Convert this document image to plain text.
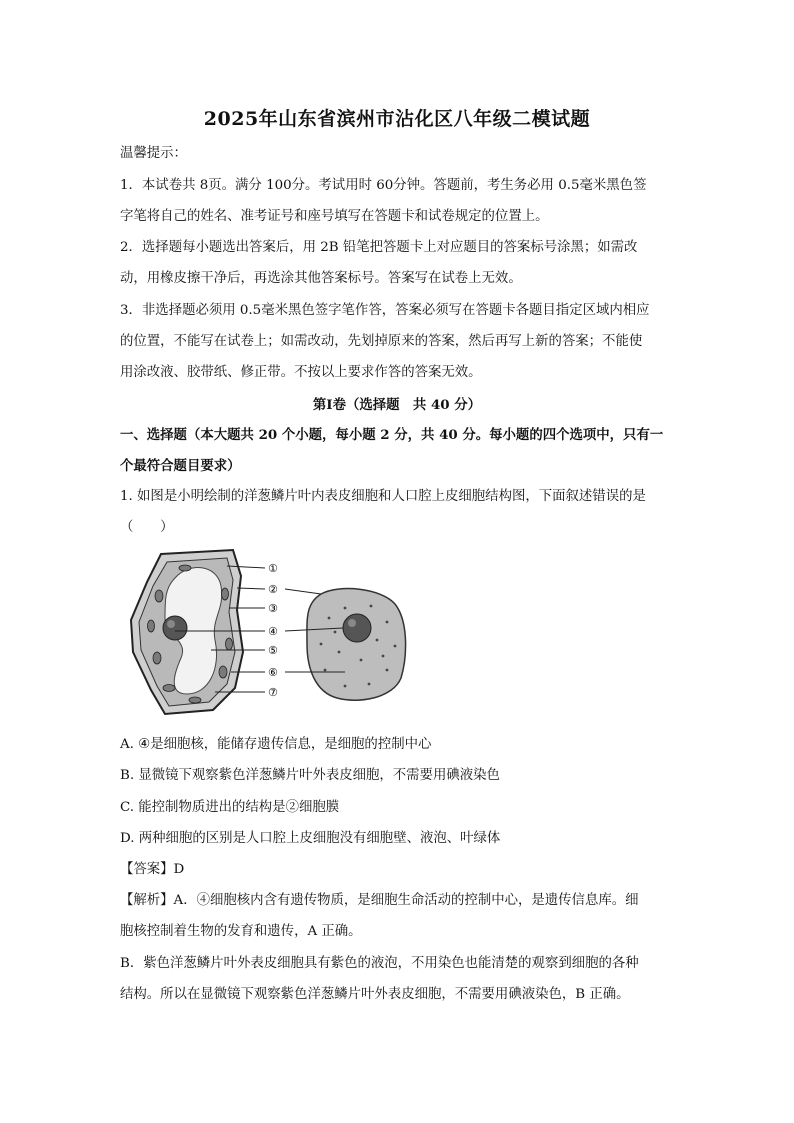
2025年山东省滨州市沾化区八年级二模试题
温馨提示：
1．本试卷共 8页。满分 100分。考试用时 60分钟。答题前，考生务必用 0.5毫米黑色签
字笔将自己的姓名、准考证号和座号填写在答题卡和试卷规定的位置上。
2．选择题每小题选出答案后，用 2B 铅笔把答题卡上对应题目的答案标号涂黑；如需改
动，用橡皮擦干净后，再选涂其他答案标号。答案写在试卷上无效。
3．非选择题必须用 0.5毫米黑色签字笔作答，答案必须写在答题卡各题目指定区域内相应
的位置，不能写在试卷上；如需改动，先划掉原来的答案，然后再写上新的答案；不能使
用涂改液、胶带纸、修正带。不按以上要求作答的答案无效。
第Ⅰ卷（选择题　共 40 分）
一、选择题（本大题共 20 个小题，每小题 2 分，共 40 分。每小题的四个选项中，只有一
个最符合题目要求）
1. 如图是小明绘制的洋葱鳞片叶内表皮细胞和人口腔上皮细胞结构图，下面叙述错误的是
（　　）
①
②
③
④
⑤
⑥
⑦
A. ④是细胞核，能储存遗传信息，是细胞的控制中心
B. 显微镜下观察紫色洋葱鳞片叶外表皮细胞，不需要用碘液染色
C. 能控制物质进出的结构是②细胞膜
D. 两种细胞的区别是人口腔上皮细胞没有细胞壁、液泡、叶绿体
【答案】D
【解析】A．④细胞核内含有遗传物质，是细胞生命活动的控制中心，是遗传信息库。细
胞核控制着生物的发育和遗传，A 正确。
B．紫色洋葱鳞片叶外表皮细胞具有紫色的液泡，不用染色也能清楚的观察到细胞的各种
结构。所以在显微镜下观察紫色洋葱鳞片叶外表皮细胞，不需要用碘液染色，B 正确。
